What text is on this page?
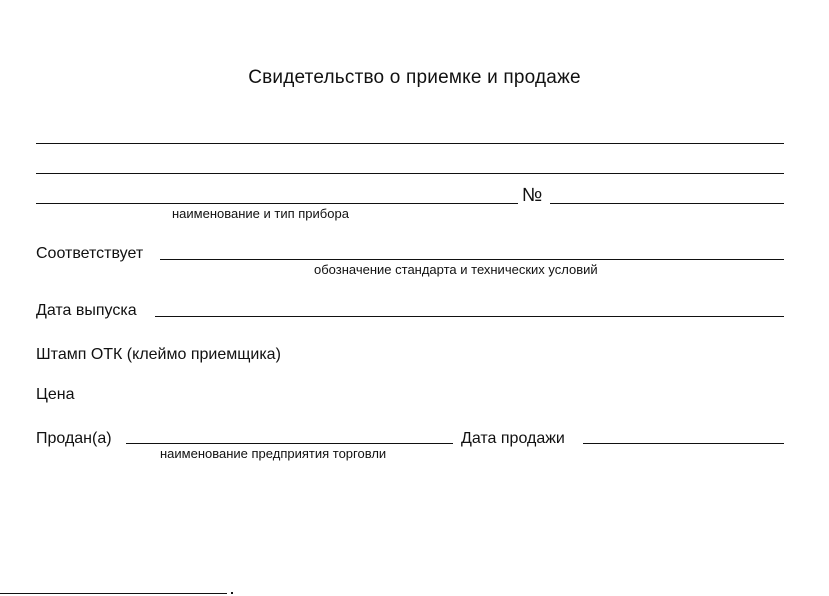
Свидетельство о приемке и продаже
№
наименование и тип прибора
Соответствует
обозначение стандарта и технических условий
Дата выпуска
Штамп ОТК (клеймо приемщика)
Цена
Продан(а)	Дата продажи
наименование предприятия торговли
